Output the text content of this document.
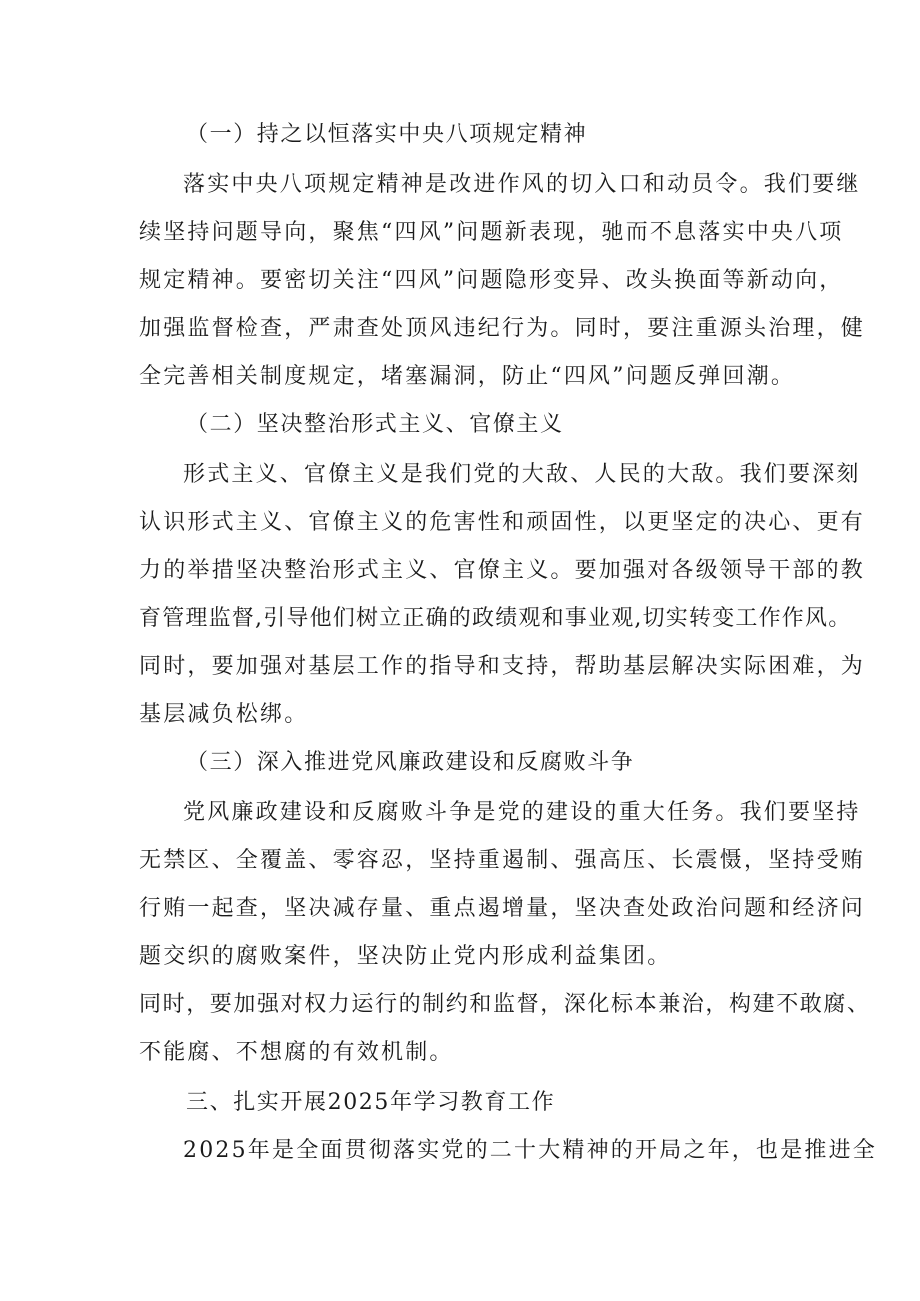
（一）持之以恒落实中央八项规定精神
落实中央八项规定精神是改进作风的切入口和动员令。我们要继
续坚持问题导向，聚焦“四风”问题新表现，驰而不息落实中央八项
规定精神。要密切关注“四风”问题隐形变异、改头换面等新动向，
加强监督检查，严肃查处顶风违纪行为。同时，要注重源头治理，健
全完善相关制度规定，堵塞漏洞，防止“四风”问题反弹回潮。
（二）坚决整治形式主义、官僚主义
形式主义、官僚主义是我们党的大敌、人民的大敌。我们要深刻
认识形式主义、官僚主义的危害性和顽固性，以更坚定的决心、更有
力的举措坚决整治形式主义、官僚主义。要加强对各级领导干部的教
育管理监督,引导他们树立正确的政绩观和事业观,切实转变工作作风。
同时，要加强对基层工作的指导和支持，帮助基层解决实际困难，为
基层减负松绑。
（三）深入推进党风廉政建设和反腐败斗争
党风廉政建设和反腐败斗争是党的建设的重大任务。我们要坚持
无禁区、全覆盖、零容忍，坚持重遏制、强高压、长震慑，坚持受贿
行贿一起查，坚决减存量、重点遏增量，坚决查处政治问题和经济问
题交织的腐败案件，坚决防止党内形成利益集团。
同时，要加强对权力运行的制约和监督，深化标本兼治，构建不敢腐、
不能腐、不想腐的有效机制。
三、扎实开展2025年学习教育工作
2025年是全面贯彻落实党的二十大精神的开局之年，也是推进全
